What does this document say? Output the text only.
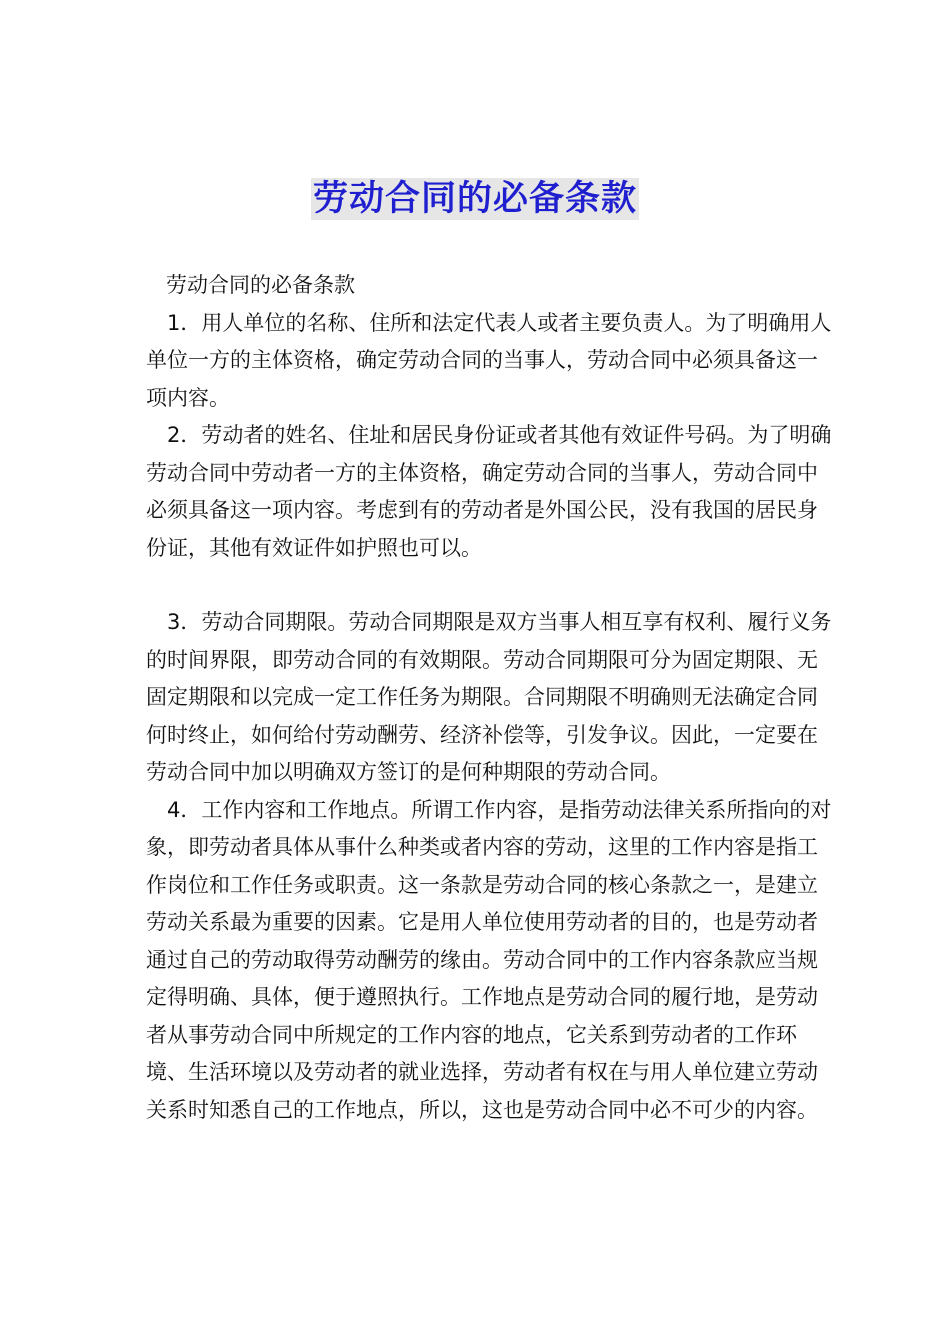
劳动合同的必备条款

劳动合同的必备条款

1．用人单位的名称、住所和法定代表人或者主要负责人。为了明确用人单位一方的主体资格，确定劳动合同的当事人，劳动合同中必须具备这一项内容。

2．劳动者的姓名、住址和居民身份证或者其他有效证件号码。为了明确劳动合同中劳动者一方的主体资格，确定劳动合同的当事人，劳动合同中必须具备这一项内容。考虑到有的劳动者是外国公民，没有我国的居民身份证，其他有效证件如护照也可以。

3．劳动合同期限。劳动合同期限是双方当事人相互享有权利、履行义务的时间界限，即劳动合同的有效期限。劳动合同期限可分为固定期限、无固定期限和以完成一定工作任务为期限。合同期限不明确则无法确定合同何时终止，如何给付劳动酬劳、经济补偿等，引发争议。因此，一定要在劳动合同中加以明确双方签订的是何种期限的劳动合同。

4．工作内容和工作地点。所谓工作内容，是指劳动法律关系所指向的对象，即劳动者具体从事什么种类或者内容的劳动，这里的工作内容是指工作岗位和工作任务或职责。这一条款是劳动合同的核心条款之一，是建立劳动关系最为重要的因素。它是用人单位使用劳动者的目的，也是劳动者通过自己的劳动取得劳动酬劳的缘由。劳动合同中的工作内容条款应当规定得明确、具体，便于遵照执行。工作地点是劳动合同的履行地，是劳动者从事劳动合同中所规定的工作内容的地点，它关系到劳动者的工作环境、生活环境以及劳动者的就业选择，劳动者有权在与用人单位建立劳动关系时知悉自己的工作地点，所以，这也是劳动合同中必不可少的内容。
